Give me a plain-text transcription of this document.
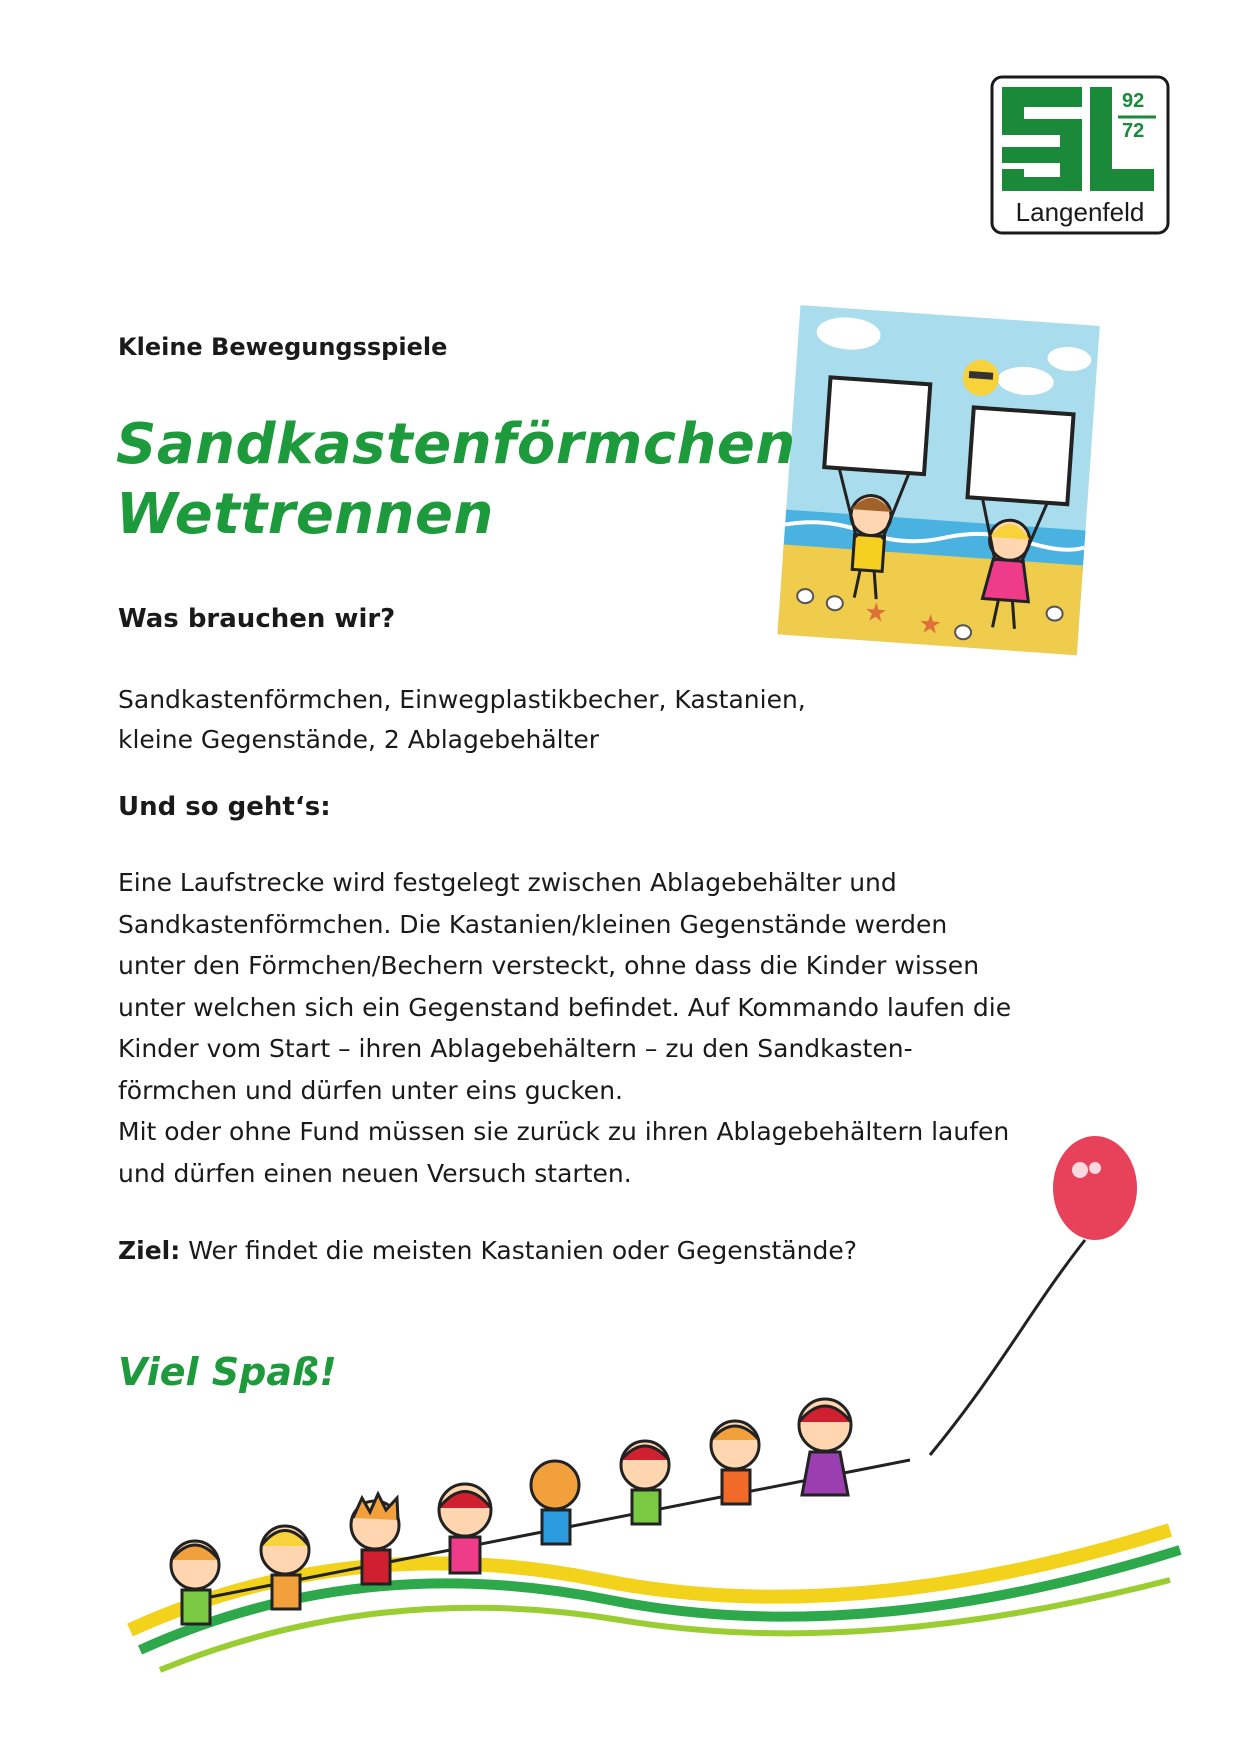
92
72
Langenfeld
★ ★

Kleine Bewegungsspiele

Sandkastenförmchen
Wettrennen
Was brauchen wir?
Sandkastenförmchen, Einwegplastikbecher, Kastanien,
kleine Gegenstände, 2 Ablagebehälter
Und so geht‘s:

Eine Laufstrecke wird festgelegt zwischen Ablagebehälter und Sandkastenförmchen. Die Kastanien/kleinen Gegenstände werden unter den Förmchen/Bechern versteckt, ohne dass die Kinder wissen unter welchen sich ein Gegenstand befindet. Auf Kommando laufen die Kinder vom Start – ihren Ablagebehältern – zu den Sandkasten-förmchen und dürfen unter eins gucken.

Mit oder ohne Fund müssen sie zurück zu ihren Ablagebehältern laufen und dürfen einen neuen Versuch starten.

Ziel: Wer findet die meisten Kastanien oder Gegenstände?

Viel Spaß!
